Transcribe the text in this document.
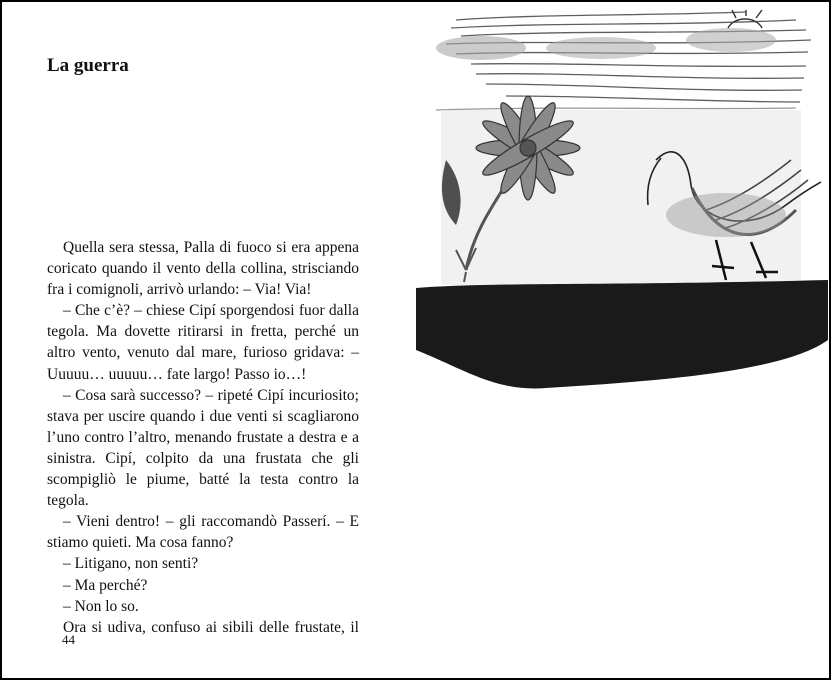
La guerra

Quella sera stessa, Palla di fuoco si era appena coricato quando il vento della collina, strisciando fra i comignoli, arrivò urlando: – Via! Via!

– Che c’è? – chiese Cipí sporgendosi fuor dalla tegola. Ma dovette ritirarsi in fretta, perché un altro vento, venuto dal mare, furioso gridava: – Uuuuu… uuuuu… fate largo! Passo io…!

– Cosa sarà successo? – ripeté Cipí incuriosito; stava per uscire quando i due venti si scagliarono l’uno contro l’altro, menando frustate a destra e a sinistra. Cipí, colpito da una frustata che gli scompigliò le piume, batté la testa contro la tegola.

– Vieni dentro! – gli raccomandò Passerí. – E stiamo quieti. Ma cosa fanno?

– Litigano, non senti?

– Ma perché?

– Non lo so.

Ora si udiva, confuso ai sibili delle frustate, il

44
